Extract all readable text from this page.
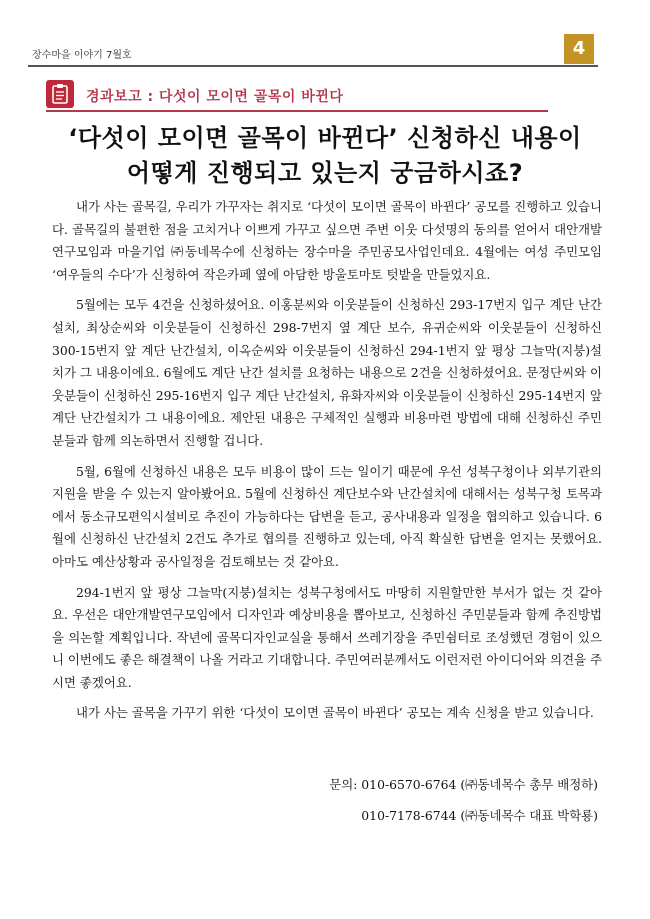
장수마을 이야기 7월호	4
경과보고 : 다섯이 모이면 골목이 바뀐다
‘다섯이 모이면 골목이 바뀐다’ 신청하신 내용이
어떻게 진행되고 있는지 궁금하시죠?

내가 사는 골목길, 우리가 가꾸자는 취지로 ‘다섯이 모이면 골목이 바뀐다’ 공모를 진행하고 있습니다. 골목길의 불편한 점을 고치거나 이쁘게 가꾸고 싶으면 주변 이웃 다섯명의 동의를 얻어서 대안개발연구모임과 마을기업 ㈜동네목수에 신청하는 장수마을 주민공모사업인데요. 4월에는 여성 주민모임 ‘여우들의 수다’가 신청하여 작은카페 옆에 아담한 방울토마토 텃밭을 만들었지요.

5월에는 모두 4건을 신청하셨어요. 이홍분씨와 이웃분들이 신청하신 293-17번지 입구 계단 난간설치, 최상순씨와 이웃분들이 신청하신 298-7번지 옆 계단 보수, 유귀순씨와 이웃분들이 신청하신 300-15번지 앞 계단 난간설치, 이옥순씨와 이웃분들이 신청하신 294-1번지 앞 평상 그늘막(지붕)설치가 그 내용이에요. 6월에도 계단 난간 설치를 요청하는 내용으로 2건을 신청하셨어요. 문정단씨와 이웃분들이 신청하신 295-16번지 입구 계단 난간설치, 유화자씨와 이웃분들이 신청하신 295-14번지 앞 계단 난간설치가 그 내용이에요. 제안된 내용은 구체적인 실행과 비용마련 방법에 대해 신청하신 주민분들과 함께 의논하면서 진행할 겁니다.

5월, 6월에 신청하신 내용은 모두 비용이 많이 드는 일이기 때문에 우선 성북구청이나 외부기관의 지원을 받을 수 있는지 알아봤어요. 5월에 신청하신 계단보수와 난간설치에 대해서는 성북구청 토목과에서 동소규모편익시설비로 추진이 가능하다는 답변을 듣고, 공사내용과 일정을 협의하고 있습니다. 6월에 신청하신 난간설치 2건도 추가로 협의를 진행하고 있는데, 아직 확실한 답변을 얻지는 못했어요. 아마도 예산상황과 공사일정을 검토해보는 것 같아요.

294-1번지 앞 평상 그늘막(지붕)설치는 성북구청에서도 마땅히 지원할만한 부서가 없는 것 같아요. 우선은 대안개발연구모임에서 디자인과 예상비용을 뽑아보고, 신청하신 주민분들과 함께 추진방법을 의논할 계획입니다. 작년에 골목디자인교실을 통해서 쓰레기장을 주민쉼터로 조성했던 경험이 있으니 이번에도 좋은 해결책이 나올 거라고 기대합니다. 주민여러분께서도 이런저런 아이디어와 의견을 주시면 좋겠어요.

내가 사는 골목을 가꾸기 위한 ‘다섯이 모이면 골목이 바뀐다’ 공모는 계속 신청을 받고 있습니다.

문의: 010-6570-6764 (㈜동네목수 총무 배정하)
010-7178-6744 (㈜동네목수 대표 박학룡)
